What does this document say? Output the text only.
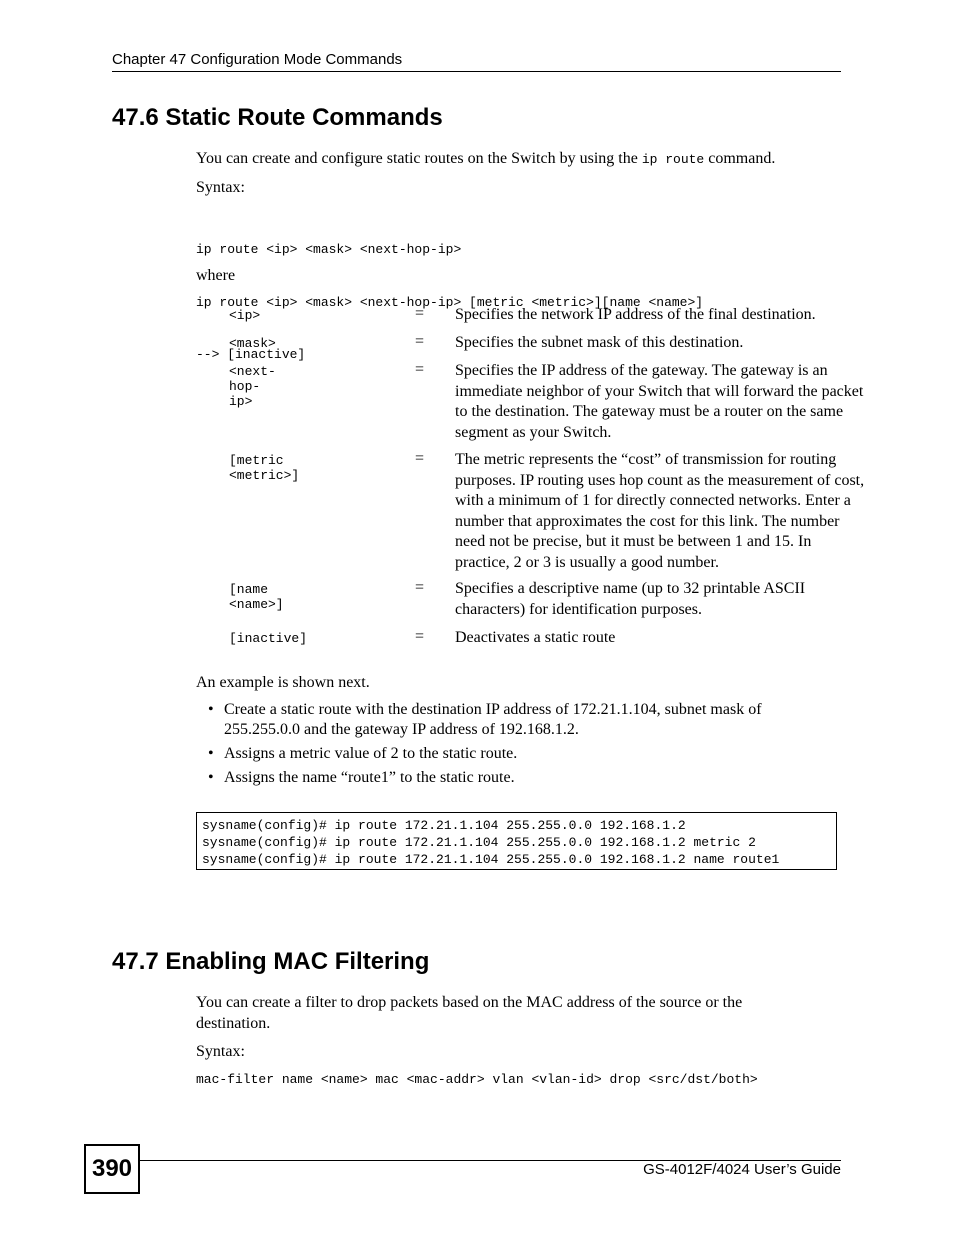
Chapter 47 Configuration Mode Commands
47.6 Static Route Commands
You can create and configure static routes on the Switch by using the ip route command.
Syntax:

ip route <ip> <mask> <next-hop-ip>

ip route <ip> <mask> <next-hop-ip> [metric <metric>][name <name>]

--> [inactive]

where
<ip>	= Specifies the network IP address of the final destination.
<mask>	= Specifies the subnet mask of this destination.
<next-hop-ip>
= Specifies the IP address of the gateway. The gateway is an immediate neighbor of your Switch that will forward the packet to the destination. The gateway must be a router on the same segment as your Switch.
[metric <metric>]
= The metric represents the “cost” of transmission for routing purposes. IP routing uses hop count as the measurement of cost, with a minimum of 1 for directly connected networks. Enter a number that approximates the cost for this link. The number need not be precise, but it must be between 1 and 15. In practice, 2 or 3 is usually a good number.
[name <name>]
= Specifies a descriptive name (up to 32 printable ASCII characters) for identification purposes.
[inactive]	= Deactivates a static route
An example is shown next.
• Create a static route with the destination IP address of 172.21.1.104, subnet mask of 255.255.0.0 and the gateway IP address of 192.168.1.2.
• Assigns a metric value of 2 to the static route.
• Assigns the name “route1” to the static route.
sysname(config)# ip route 172.21.1.104 255.255.0.0 192.168.1.2
sysname(config)# ip route 172.21.1.104 255.255.0.0 192.168.1.2 metric 2
sysname(config)# ip route 172.21.1.104 255.255.0.0 192.168.1.2 name route1
47.7 Enabling MAC Filtering
You can create a filter to drop packets based on the MAC address of the source or the destination.
Syntax:
mac-filter name <name> mac <mac-addr> vlan <vlan-id> drop <src/dst/both>
390	GS-4012F/4024 User’s Guide
